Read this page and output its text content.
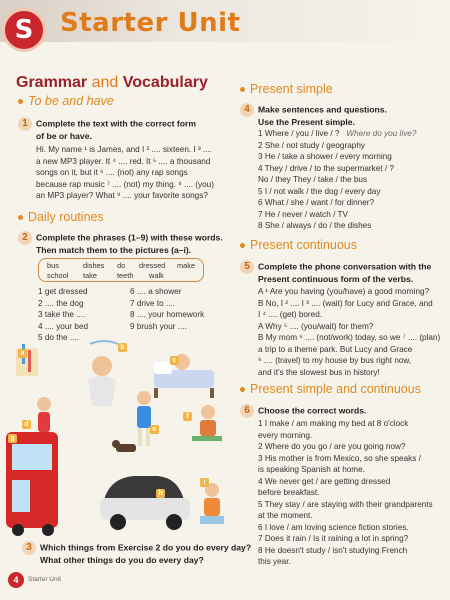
S Starter Unit
Grammar and Vocabulary
To be and have
1 Complete the text with the correct form
of be or have.
Hi. My name ¹ is James, and I ² .... sixteen. I ³ ....
a new MP3 player. It ⁴ .... red. It ⁵ .... a thousand
songs on it, but it ⁶ .... (not) any rap songs
because rap music ⁷ .... (not) my thing. ⁸ .... (you)
an MP3 player? What ⁹ .... your favorite songs?
Daily routines
2 Complete the phrases (1–9) with these words.
Then match them to the pictures (a–i).
bus	dishes do dressed make
school take	teeth walk
1 get dressed
2 .... the dog
3 take the ....
4 .... your bed
5 do the ....
6 .... a shower
7 drive to ....
8 .... your homework
9 brush your ....
a
b
c
d
e
f
g
h
i
3 Which things from Exercise 2 do you do every day?
What other things do you do every day?
Present simple
4 Make sentences and questions.
Use the Present simple.
1 Where / you / live / ? Where do you live?
2 She / not study / geography
3 He / take a shower / every morning
4 They / drive / to the supermarket / ?
No / they They / take / the bus
5 I / not walk / the dog / every day
6 What / she / want / for dinner?
7 He / never / watch / TV
8 She / always / do / the dishes
Present continuous
5 Complete the phone conversation with the
Present continuous form of the verbs.
A ¹ Are you having (you/have) a good morning?
B No, I ² .... I ³ .... (wait) for Lucy and Grace, and
I ⁴ .... (get) bored.
A Why ⁵ .... (you/wait) for them?
B My mom ⁶ .... (not/work) today, so we ⁷ .... (plan)
a trip to a theme park. But Lucy and Grace
⁸ .... (travel) to my house by bus right now,
and it's the slowest bus in history!
Present simple and continuous
6 Choose the correct words.
1 I make / am making my bed at 8 o'clock
every morning.
2 Where do you go / are you going now?
3 His mother is from Mexico, so she speaks /
is speaking Spanish at home.
4 We never get / are getting dressed
before breakfast.
5 They stay / are staying with their grandparents
at the moment.
6 I love / am loving science fiction stories.
7 Does it rain / Is it raining a lot in spring?
8 He doesn't study / isn't studying French
this year.
4	Starter Unit
